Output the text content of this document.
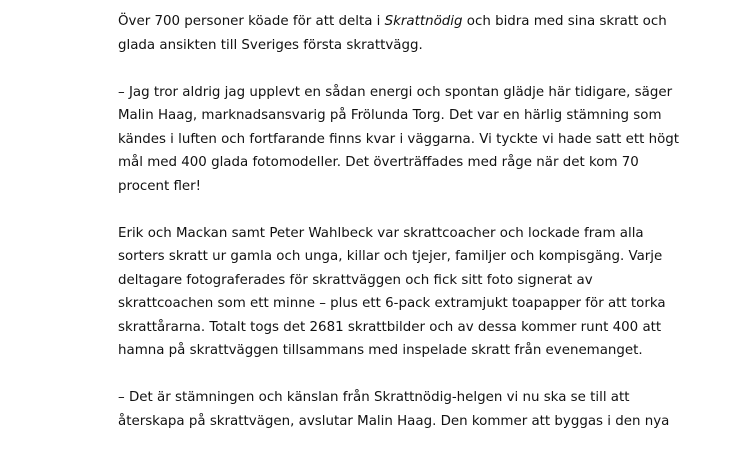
Över 700 personer köade för att delta i Skrattnödig och bidra med sina skratt och
glada ansikten till Sveriges första skrattvägg.

– Jag tror aldrig jag upplevt en sådan energi och spontan glädje här tidigare, säger
Malin Haag, marknadsansvarig på Frölunda Torg. Det var en härlig stämning som
kändes i luften och fortfarande finns kvar i väggarna. Vi tyckte vi hade satt ett högt
mål med 400 glada fotomodeller. Det överträffades med råge när det kom 70
procent fler!

Erik och Mackan samt Peter Wahlbeck var skrattcoacher och lockade fram alla
sorters skratt ur gamla och unga, killar och tjejer, familjer och kompisgäng. Varje
deltagare fotograferades för skrattväggen och fick sitt foto signerat av
skrattcoachen som ett minne – plus ett 6-pack extramjukt toapapper för att torka
skrattårarna. Totalt togs det 2681 skrattbilder och av dessa kommer runt 400 att
hamna på skrattväggen tillsammans med inspelade skratt från evenemanget.

– Det är stämningen och känslan från Skrattnödig-helgen vi nu ska se till att
återskapa på skrattvägen, avslutar Malin Haag. Den kommer att byggas i den nya
